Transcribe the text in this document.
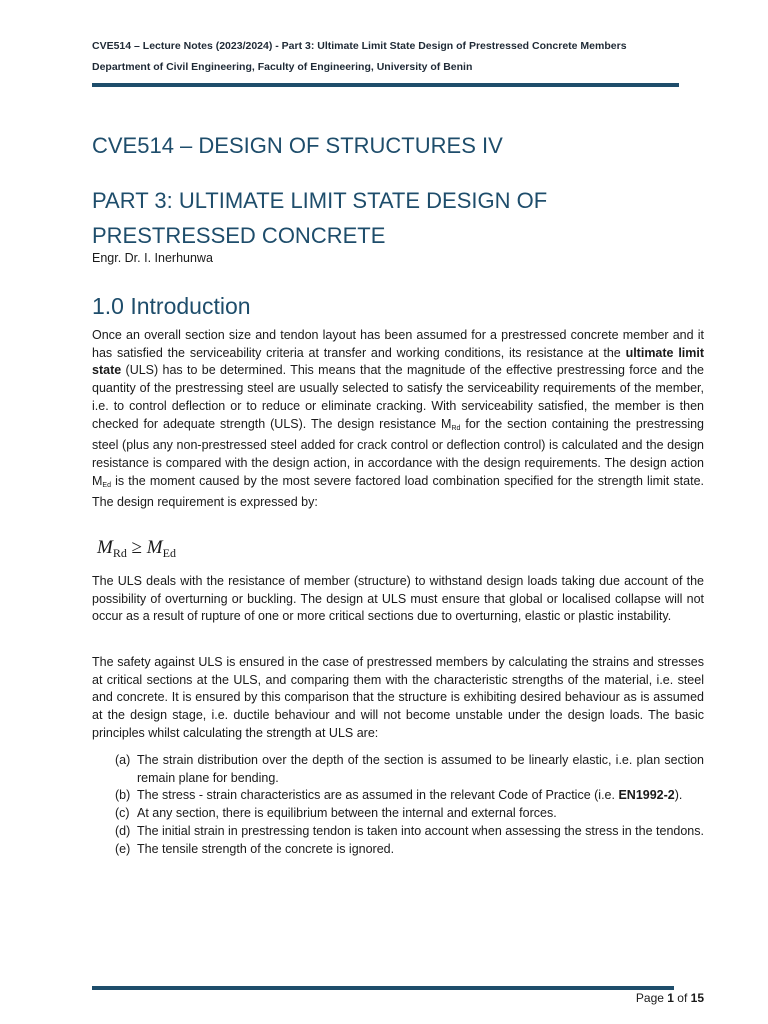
CVE514 – Lecture Notes (2023/2024) - Part 3: Ultimate Limit State Design of Prestressed Concrete Members

Department of Civil Engineering, Faculty of Engineering, University of Benin
CVE514 – DESIGN OF STRUCTURES IV
PART 3: ULTIMATE LIMIT STATE DESIGN OF
PRESTRESSED CONCRETE
Engr. Dr. I. Inerhunwa
1.0 Introduction

Once an overall section size and tendon layout has been assumed for a prestressed concrete member and it has satisfied the serviceability criteria at transfer and working conditions, its resistance at the ultimate limit state (ULS) has to be determined. This means that the magnitude of the effective prestressing force and the quantity of the prestressing steel are usually selected to satisfy the serviceability requirements of the member, i.e. to control deflection or to reduce or eliminate cracking. With serviceability satisfied, the member is then checked for adequate strength (ULS). The design resistance $M_{Rd}$ for the section containing the prestressing steel (plus any non-prestressed steel added for crack control or deflection control) is calculated and the design resistance is compared with the design action, in accordance with the design requirements. The design action $M_{Ed}$ is the moment caused by the most severe factored load combination specified for the strength limit state. The design requirement is expressed by:

$M_{Rd} \ge M_{Ed}$

The ULS deals with the resistance of member (structure) to withstand design loads taking due account of the possibility of overturning or buckling. The design at ULS must ensure that global or localised collapse will not occur as a result of rupture of one or more critical sections due to overturning, elastic or plastic instability.

The safety against ULS is ensured in the case of prestressed members by calculating the strains and stresses at critical sections at the ULS, and comparing them with the characteristic strengths of the material, i.e. steel and concrete. It is ensured by this comparison that the structure is exhibiting desired behaviour as is assumed at the design stage, i.e. ductile behaviour and will not become unstable under the design loads. The basic principles whilst calculating the strength at ULS are:

(a) The strain distribution over the depth of the section is assumed to be linearly elastic, i.e. plan section remain plane for bending.
(b) The stress - strain characteristics are as assumed in the relevant Code of Practice (i.e. EN1992-2).
(c) At any section, there is equilibrium between the internal and external forces.
(d) The initial strain in prestressing tendon is taken into account when assessing the stress in the tendons.
(e) The tensile strength of the concrete is ignored.
Page 1 of 15
